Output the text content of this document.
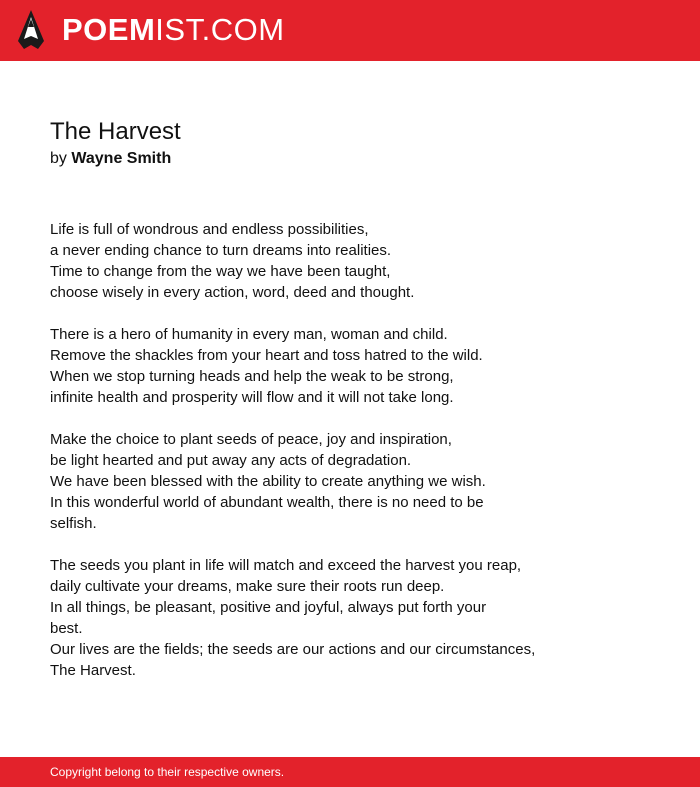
POEMIST.COM
The Harvest
by Wayne Smith

Life is full of wondrous and endless possibilities,
a never ending chance to turn dreams into realities.
Time to change from the way we have been taught,
choose wisely in every action, word, deed and thought.

There is a hero of humanity in every man, woman and child.
Remove the shackles from your heart and toss hatred to the wild.
When we stop turning heads and help the weak to be strong,
infinite health and prosperity will flow and it will not take long.

Make the choice to plant seeds of peace, joy and inspiration,
be light hearted and put away any acts of degradation.
We have been blessed with the ability to create anything we wish.
In this wonderful world of abundant wealth, there is no need to be
selfish.

The seeds you plant in life will match and exceed the harvest you reap,
daily cultivate your dreams, make sure their roots run deep.
In all things, be pleasant, positive and joyful, always put forth your
best.
Our lives are the fields; the seeds are our actions and our circumstances,
The Harvest.

Copyright belong to their respective owners.
